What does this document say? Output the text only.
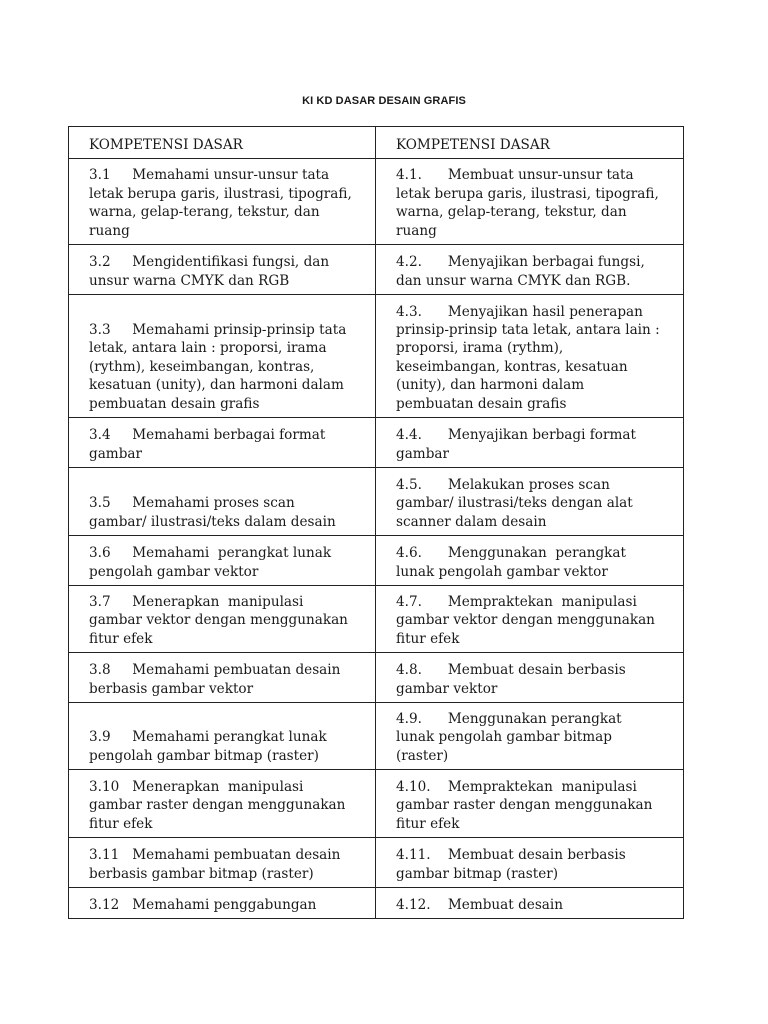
KI KD DASAR DESAIN GRAFIS
KOMPETENSI DASAR	KOMPETENSI DASAR
3.1     Memahami unsur-unsur tata letak berupa garis, ilustrasi, tipografi, warna, gelap-terang, tekstur, dan ruang	4.1.      Membuat unsur-unsur tata letak berupa garis, ilustrasi, tipografi, warna, gelap-terang, tekstur, dan ruang
3.2     Mengidentifikasi fungsi, dan unsur warna CMYK dan RGB	4.2.      Menyajikan berbagai fungsi, dan unsur warna CMYK dan RGB.
3.3     Memahami prinsip-prinsip tata letak, antara lain : proporsi, irama (rythm), keseimbangan, kontras, kesatuan (unity), dan harmoni dalam pembuatan desain grafis	4.3.      Menyajikan hasil penerapan prinsip-prinsip tata letak, antara lain : proporsi, irama (rythm), keseimbangan, kontras, kesatuan (unity), dan harmoni dalam pembuatan desain grafis
3.4     Memahami berbagai format gambar	4.4.      Menyajikan berbagi format gambar
3.5     Memahami proses scan gambar/ ilustrasi/teks dalam desain	4.5.      Melakukan proses scan gambar/ ilustrasi/teks dengan alat scanner dalam desain
3.6     Memahami  perangkat lunak pengolah gambar vektor	4.6.      Menggunakan  perangkat lunak pengolah gambar vektor
3.7     Menerapkan  manipulasi gambar vektor dengan menggunakan fitur efek	4.7.      Mempraktekan  manipulasi gambar vektor dengan menggunakan fitur efek
3.8     Memahami pembuatan desain berbasis gambar vektor	4.8.      Membuat desain berbasis gambar vektor
3.9     Memahami perangkat lunak pengolah gambar bitmap (raster)	4.9.      Menggunakan perangkat lunak pengolah gambar bitmap (raster)
3.10   Menerapkan  manipulasi gambar raster dengan menggunakan fitur efek	4.10.    Mempraktekan  manipulasi gambar raster dengan menggunakan fitur efek
3.11   Memahami pembuatan desain berbasis gambar bitmap (raster)	4.11.    Membuat desain berbasis gambar bitmap (raster)
3.12   Memahami penggabungan	4.12.    Membuat desain
